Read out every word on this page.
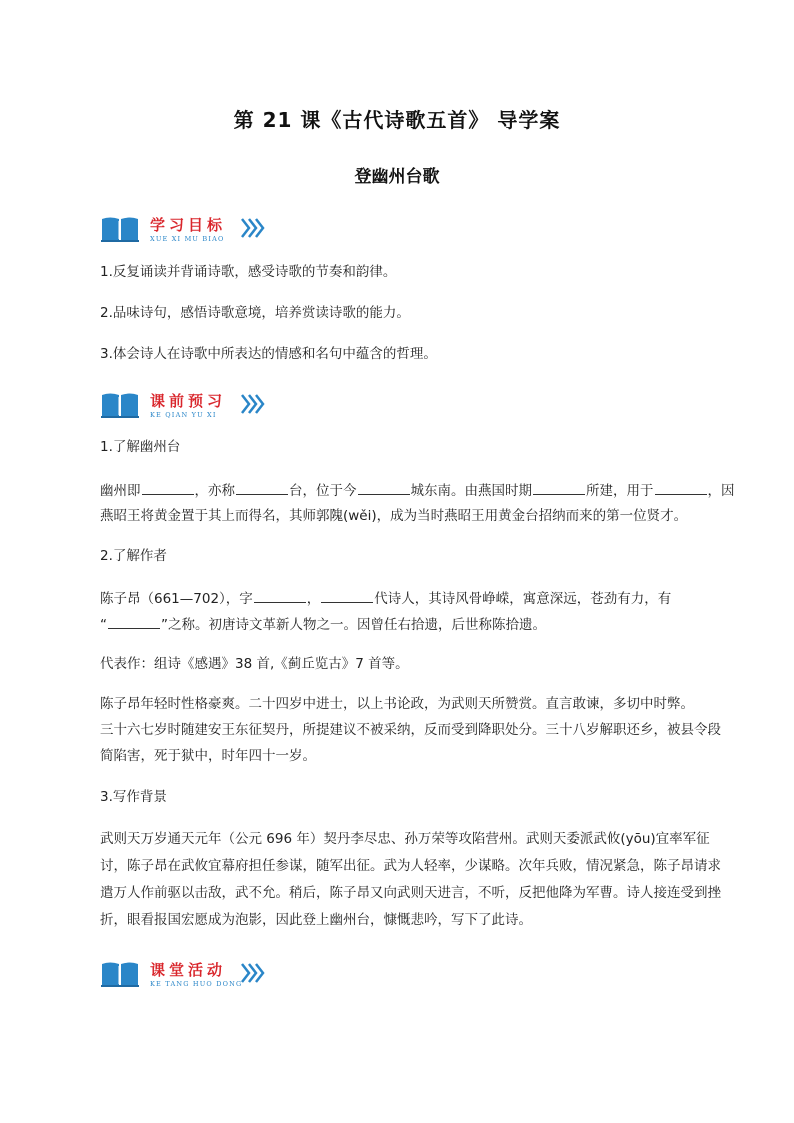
第 21 课《古代诗歌五首》 导学案
登幽州台歌
学习目标
XUE XI MU BIAO
1.反复诵读并背诵诗歌，感受诗歌的节奏和韵律。
2.品味诗句，感悟诗歌意境，培养赏读诗歌的能力。
3.体会诗人在诗歌中所表达的情感和名句中蕴含的哲理。
课前预习
KE QIAN YU XI
1.了解幽州台
幽州即	，亦称	台，位于今	城东南。由燕国时期	所建，用于	，因
燕昭王将黄金置于其上而得名，其师郭隗(wěi)，成为当时燕昭王用黄金台招纳而来的第一位贤才。
2.了解作者
陈子昂（661—702），字	，	代诗人，其诗风骨峥嵘，寓意深远，苍劲有力，有
“	”之称。初唐诗文革新人物之一。因曾任右拾遗，后世称陈拾遗。
代表作：组诗《感遇》38 首,《蓟丘览古》7 首等。
陈子昂年轻时性格豪爽。二十四岁中进士，以上书论政，为武则天所赞赏。直言敢谏，多切中时弊。
三十六七岁时随建安王东征契丹，所提建议不被采纳，反而受到降职处分。三十八岁解职还乡，被县令段
简陷害，死于狱中，时年四十一岁。
3.写作背景
武则天万岁通天元年（公元 696 年）契丹李尽忠、孙万荣等攻陷营州。武则天委派武攸(yōu)宜率军征
讨，陈子昂在武攸宜幕府担任参谋，随军出征。武为人轻率，少谋略。次年兵败，情况紧急，陈子昂请求
遣万人作前驱以击敌，武不允。稍后，陈子昂又向武则天进言，不听，反把他降为军曹。诗人接连受到挫
折，眼看报国宏愿成为泡影，因此登上幽州台，慷慨悲吟，写下了此诗。
课堂活动
KE TANG HUO DONG
